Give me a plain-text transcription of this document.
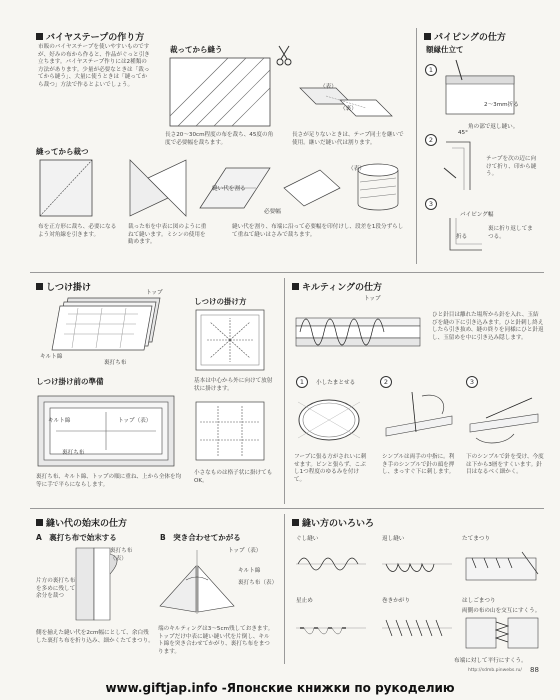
バイヤステープの作り方
市販のバイヤステープを使いやすいものですが、好みの布から作ると、作品がぐっと引き立ちます。バイヤステープ作りには2種類の方法があります。少量が必要なときは「裁ってから縫う」、大量に使うときは「縫ってから裁つ」方法で作るとよいでしょう。
裁ってから縫う
長さ20〜30cm程度の布を裁ち、45度の角度で必要幅を裁ちます。
（表）
（裏）
長さが足りないときは、テープ同士を継いで使用。継いだ縫い代は割ります。
縫ってから裁つ
布を正方形に裁ち、必要になるよう対角線を引きます。
裁った布を中表に図のように重ねて縫います。ミシンの使用を勧めます。
縫い代を割る
必要幅
（表）
縫い代を割り、布端に沿って必要幅を印付けし、段差を1段分ずらして重ねて縫いはさみで裁ちます。
パイピングの仕方
額縁仕立て
1
2〜3mm折る
角の部で返し縫い。
2
45°
テープを次の辺に向けて折り、印から縫う。
3
パイピング幅
折る
裏に折り返してまつる。
しつけ掛け	トップ
キルト綿
裏打ち布
しつけ掛け前の準備
キルト綿	トップ（表）
裏打ち布
裏打ち布、キルト綿、トップの順に重ね、上から全体を均等に手で平らにならします。
しつけの掛け方
基本は中心から外に向けて放射状に掛けます。
小さなものは格子状に掛けてもOK。
キルティングの仕方
トップ
ひと針目は離れた場所から針を入れ、玉結びを縫の下に引き込みます。ひと針刺し終えしたら引き抜め、縫の終りを同様にひと針返し、玉留めを中に引き込み隠します。
1	小したまとせる
フープに張る方がされいに刺せます。ピンと張らず、こぶし1つ程度のゆるみを付けて。
2
シンブルは両手の中指に。利き手のシンブルで針の頭を押し、まっすぐ下に刺します。
3
下のシンブルで針を受け、今度は下から3層をすくいます。針目はなるべく細かく。
縫い代の始末の仕方
A　裏打ち布で始末する
裏打ち布（表）
片方の裏打ち布を多めに残して余分を裁つ
側を揃えた縫い代を2cm幅にとして、余白残した裏打ち布を折り込み、細かくたてまつり。
B　突き合わせてかがる
トップ（表）
キルト綿
裏打ち布（表）
端のキルティングは3〜5cm残しておきます。トップだけ中表に縫い縫い代を片倒し、キルト綿を突き合わせてかがり、裏打ち布をまつります。
縫い方のいろいろ
ぐし縫い	返し縫い	たてまつり
星止め	巻きかがり	はしごまつり
両側の布の山を交互にすくう。
布端に対して平行にすくう。
88
http://sdmb.pinwebs.ru/
www.giftjap.info -Японские книжки по рукоделию
